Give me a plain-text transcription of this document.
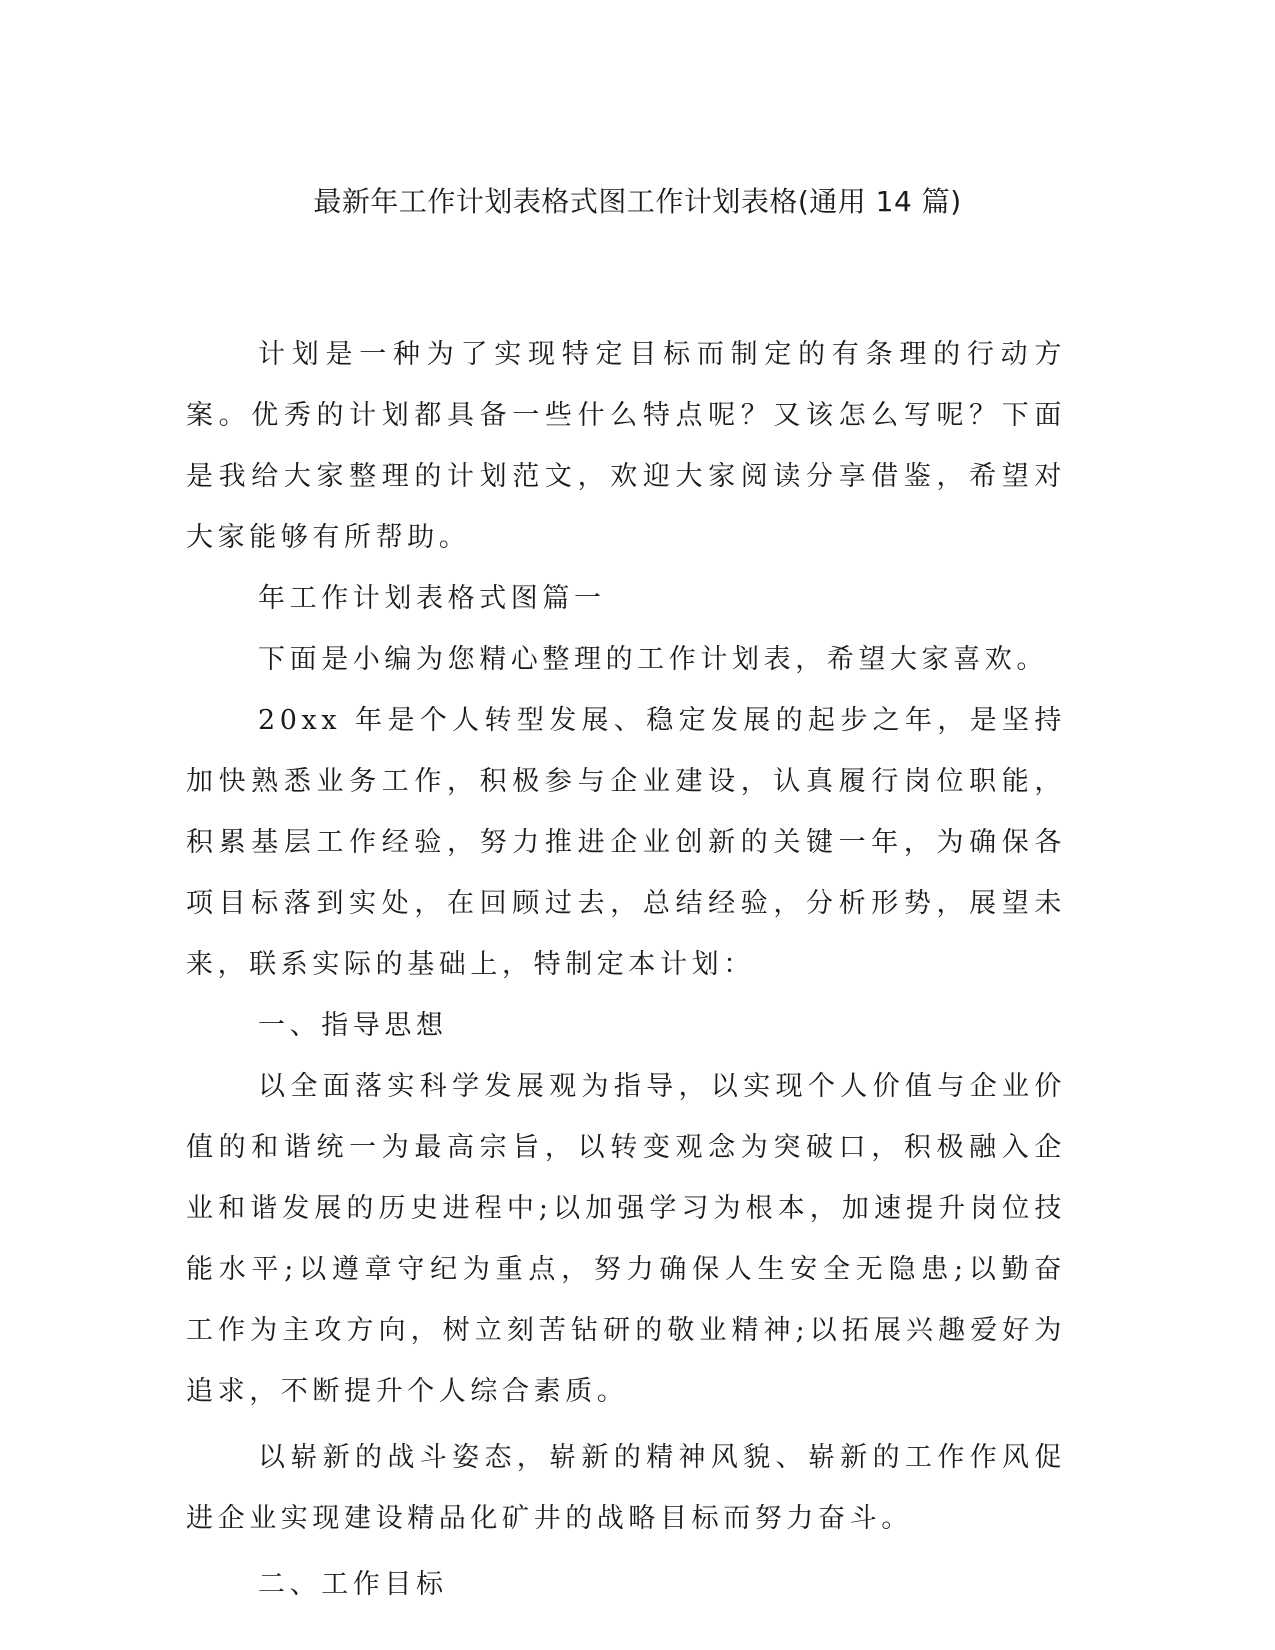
最新年工作计划表格式图工作计划表格(通用 14 篇)

计划是一种为了实现特定目标而制定的有条理的行动方案。优秀的计划都具备一些什么特点呢？又该怎么写呢？下面是我给大家整理的计划范文，欢迎大家阅读分享借鉴，希望对大家能够有所帮助。

年工作计划表格式图篇一

下面是小编为您精心整理的工作计划表，希望大家喜欢。

20xx 年是个人转型发展、稳定发展的起步之年，是坚持加快熟悉业务工作，积极参与企业建设，认真履行岗位职能，积累基层工作经验，努力推进企业创新的关键一年，为确保各项目标落到实处，在回顾过去，总结经验，分析形势，展望未来，联系实际的基础上，特制定本计划：

一、指导思想

以全面落实科学发展观为指导，以实现个人价值与企业价值的和谐统一为最高宗旨，以转变观念为突破口，积极融入企业和谐发展的历史进程中;以加强学习为根本，加速提升岗位技能水平;以遵章守纪为重点，努力确保人生安全无隐患;以勤奋工作为主攻方向，树立刻苦钻研的敬业精神;以拓展兴趣爱好为追求，不断提升个人综合素质。

以崭新的战斗姿态，崭新的精神风貌、崭新的工作作风促进企业实现建设精品化矿井的战略目标而努力奋斗。

二、工作目标
